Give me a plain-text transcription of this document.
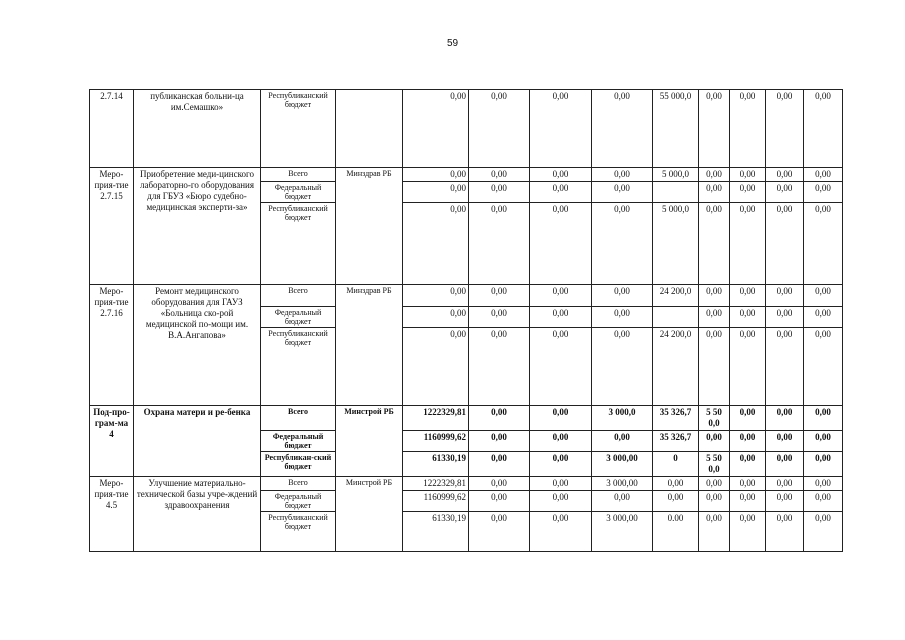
59
2.7.14	публиканская больни-ца им.Семашко»	Республиканский бюджет		0,00	0,00	0,00	0,00	55 000,0	0,00	0,00	0,00	0,00
Меро-прия-тие 2.7.15	Приобретение меди-цинского лабораторно-го оборудования для ГБУЗ «Бюро судебно-медицинская эксперти-за»	Всего	Минздрав РБ	0,00	0,00	0,00	0,00	5 000,0	0,00	0,00	0,00	0,00
		Федеральный бюджет		0,00	0,00	0,00	0,00		0,00	0,00	0,00	0,00
		Республиканский бюджет		0,00	0,00	0,00	0,00	5 000,0	0,00	0,00	0,00	0,00
Меро-прия-тие 2.7.16	Ремонт медицинского оборудования для ГАУЗ «Больница ско-рой медицинской по-мощи им. В.А.Ангапова»	Всего	Минздрав РБ	0,00	0,00	0,00	0,00	24 200,0	0,00	0,00	0,00	0,00
		Федеральный бюджет		0,00	0,00	0,00	0,00		0,00	0,00	0,00	0,00
		Республиканский бюджет		0,00	0,00	0,00	0,00	24 200,0	0,00	0,00	0,00	0,00
Под-про-грам-ма 4	Охрана матери и ре-бенка	Всего	Минстрой РБ	1222329,81	0,00	0,00	3 000,0	35 326,7	5 50 0,0	0,00	0,00	0,00
		Федеральный бюджет		1160999,62	0,00	0,00	0,00	35 326,7	0,00	0,00	0,00	0,00
		Республикан-ский бюджет		61330,19	0,00	0,00	3 000,00	0	5 50 0,0	0,00	0,00	0,00
Меро-прия-тие 4.5	Улучшение материально-технической базы учре-ждений здравоохранения	Всего	Минстрой РБ	1222329,81	0,00	0,00	3 000,00	0,00	0,00	0,00	0,00	0,00
		Федеральный бюджет		1160999,62	0,00	0,00	0,00	0,00	0,00	0,00	0,00	0,00
		Республиканский бюджет		61330,19	0,00	0,00	3 000,00	0.00	0,00	0,00	0,00	0,00
